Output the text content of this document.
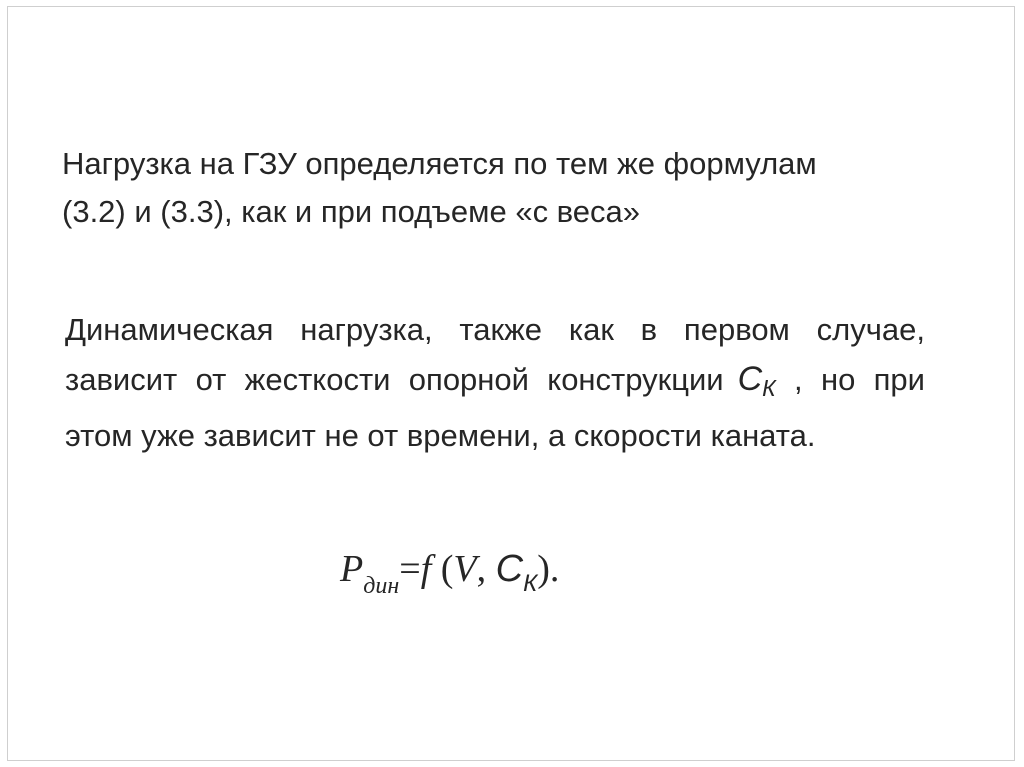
Нагрузка на ГЗУ определяется по тем же формулам
(3.2) и (3.3), как и при подъеме «с веса»
Динамическая нагрузка, также как в первом случае, зависит от жесткости опорной конструкции CК , но при этом уже зависит не от времени, а скорости каната.
$P_{дин}=f$ (V, $C_К$).
